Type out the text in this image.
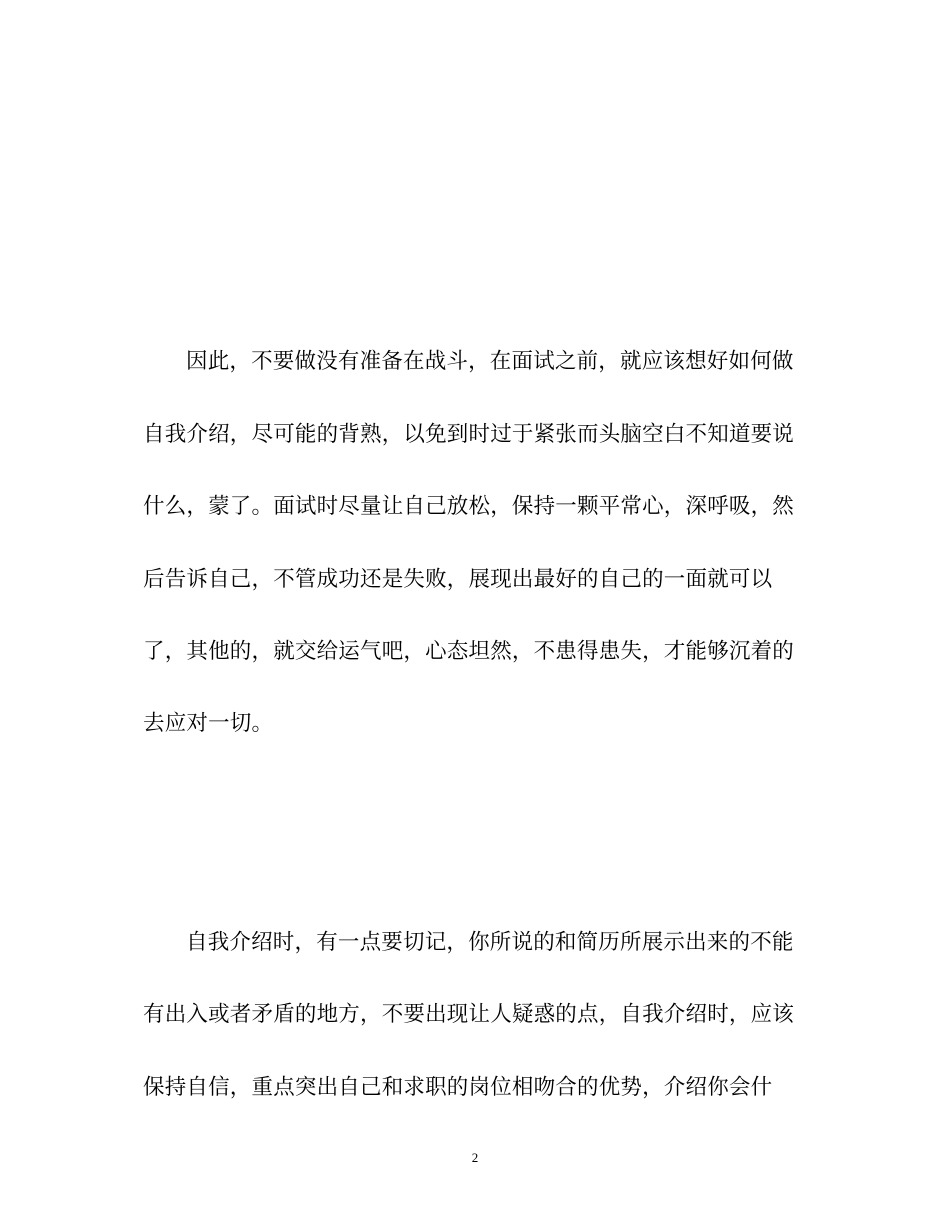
因此，不要做没有准备在战斗，在面试之前，就应该想好如何做
自我介绍，尽可能的背熟，以免到时过于紧张而头脑空白不知道要说
什么，蒙了。面试时尽量让自己放松，保持一颗平常心，深呼吸，然
后告诉自己，不管成功还是失败，展现出最好的自己的一面就可以
了，其他的，就交给运气吧，心态坦然，不患得患失，才能够沉着的
去应对一切。
自我介绍时，有一点要切记，你所说的和简历所展示出来的不能
有出入或者矛盾的地方，不要出现让人疑惑的点，自我介绍时，应该
保持自信，重点突出自己和求职的岗位相吻合的优势，介绍你会什
2
